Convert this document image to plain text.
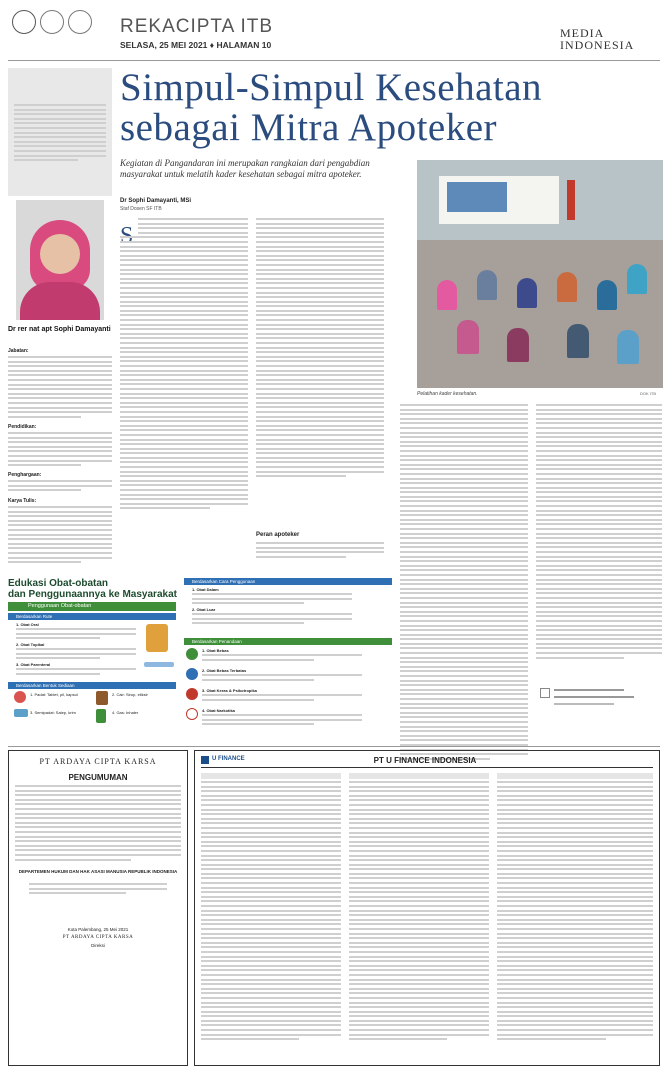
REKACIPTA ITB
SELASA, 25 MEI 2021 ♦ HALAMAN 10
MEDIA
INDONESIA
Dr rer nat apt Sophi Damayanti
Jabatan:
Pendidikan:
Penghargaan:
Karya Tulis:
Simpul-Simpul Kesehatan
sebagai Mitra Apoteker
Kegiatan di Pangandaran ini merupakan rangkaian dari pengabdian masyarakat untuk melatih kader kesehatan sebagai mitra apoteker.
Dr Sophi Damayanti, MSi
Staf Dosen SF ITB
Pelatihan kader kesehatan.	DOK ITB
Peran apoteker
Edukasi Obat-obatan
dan Penggunaannya ke Masyarakat
Penggunaan Obat-obatan
Berdasarkan Rute
1. Obat Oral
2. Obat Topikal
3. Obat Parenteral
Berdasarkan Bentuk Sediaan
1. Padat: Tablet, pil, kapsul	2. Cair: Sirup, eliksir
3. Semipadat: Salep, krim	4. Gas: Inhaler
Berdasarkan Cara Penggunaan
1. Obat Dalam
2. Obat Luar
Berdasarkan Penandaan
1. Obat Bebas
2. Obat Bebas Terbatas
3. Obat Keras & Psikotropika
4. Obat Narkotika
PT ARDAYA CIPTA KARSA
PENGUMUMAN
DEPARTEMEN HUKUM DAN HAK ASASI MANUSIA REPUBLIK INDONESIA
Kota Palembang, 25 Mei 2021
PT ARDAYA CIPTA KARSA
Direksi
U FINANCE	PT U FINANCE INDONESIA
